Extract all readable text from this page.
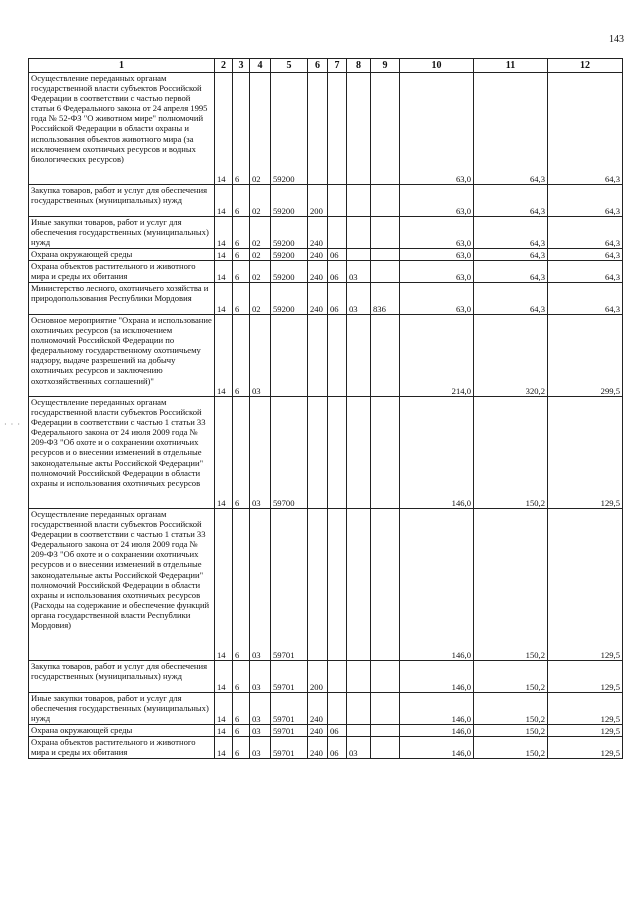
143
· · ·
1	2	3	4	5	6	7	8	9	10	11	12
Осуществление переданных органам государственной власти субъектов Российской Федерации в соответствии с частью первой статьи 6 Федерального закона от 24 апреля 1995 года № 52-ФЗ "О животном мире" полномочий Российской Федерации в области охраны и использования объектов животного мира (за исключением охотничьих ресурсов и водных биологических ресурсов)	14	6	02	59200					63,0	64,3	64,3
Закупка товаров, работ и услуг для обеспечения государственных (муниципальных) нужд	14	6	02	59200	200				63,0	64,3	64,3
Иные закупки товаров, работ и услуг для обеспечения государственных (муниципальных) нужд	14	6	02	59200	240				63,0	64,3	64,3
Охрана окружающей среды	14	6	02	59200	240	06			63,0	64,3	64,3
Охрана объектов растительного и животного мира и среды их обитания	14	6	02	59200	240	06	03		63,0	64,3	64,3
Министерство лесного, охотничьего хозяйства и природопользования Республики Мордовия	14	6	02	59200	240	06	03	836	63,0	64,3	64,3
Основное мероприятие "Охрана и использование охотничьих ресурсов (за исключением полномочий Российской Федерации по федеральному государственному охотничьему надзору, выдаче разрешений на добычу охотничьих ресурсов и заключению охотхозяйственных соглашений)"	14	6	03						214,0	320,2	299,5
Осуществление переданных органам государственной власти субъектов Российской Федерации в соответствии с частью 1 статьи 33 Федерального закона от 24 июля 2009 года № 209-ФЗ "Об охоте и о сохранении охотничьих ресурсов и о внесении изменений в отдельные законодательные акты Российской Федерации" полномочий Российской Федерации в области охраны и использования охотничьих ресурсов	14	6	03	59700					146,0	150,2	129,5
Осуществление переданных органам государственной власти субъектов Российской Федерации в соответствии с частью 1 статьи 33 Федерального закона от 24 июля 2009 года № 209-ФЗ "Об охоте и о сохранении охотничьих ресурсов и о внесении изменений в отдельные законодательные акты Российской Федерации" полномочий Российской Федерации в области охраны и использования охотничьих ресурсов (Расходы на содержание и обеспечение функций органа государственной власти Республики Мордовия)	14	6	03	59701					146,0	150,2	129,5
Закупка товаров, работ и услуг для обеспечения государственных (муниципальных) нужд	14	6	03	59701	200				146,0	150,2	129,5
Иные закупки товаров, работ и услуг для обеспечения государственных (муниципальных) нужд	14	6	03	59701	240				146,0	150,2	129,5
Охрана окружающей среды	14	6	03	59701	240	06			146,0	150,2	129,5
Охрана объектов растительного и животного мира и среды их обитания	14	6	03	59701	240	06	03		146,0	150,2	129,5
